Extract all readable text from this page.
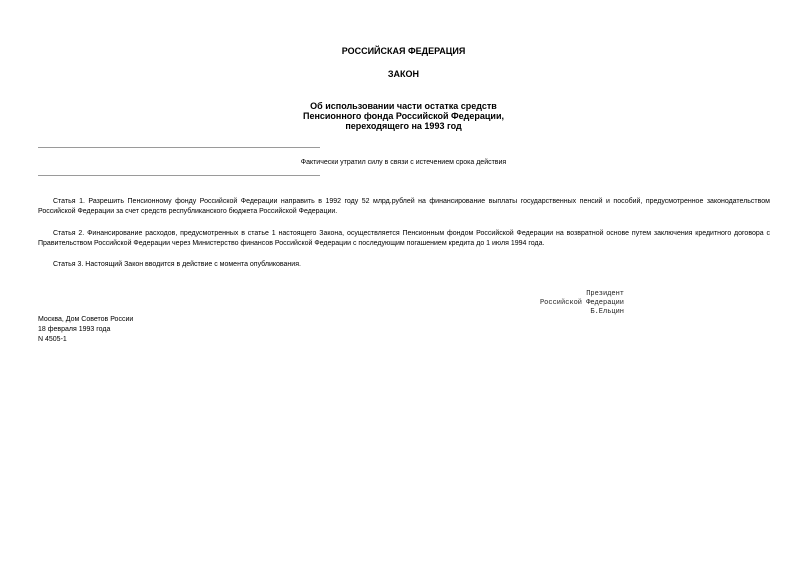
РОССИЙСКАЯ ФЕДЕРАЦИЯ
ЗАКОН
Об использовании части остатка средств
Пенсионного фонда Российской Федерации,
переходящего на 1993 год
Фактически утратил силу в связи с истечением срока действия
Статья 1. Разрешить Пенсионному фонду Российской Федерации направить в 1992 году 52 млрд.рублей на финансирование выплаты государственных пенсий и пособий, предусмотренное законодательством Российской Федерации за счет средств республиканского бюджета Российской Федерации.
Статья 2. Финансирование расходов, предусмотренных в статье 1 настоящего Закона, осуществляется Пенсионным фондом Российской Федерации на возвратной основе путем заключения кредитного договора с Правительством Российской Федерации через Министерство финансов Российской Федерации с последующим погашением кредита до 1 июля 1994 года.
Статья 3. Настоящий Закон вводится в действие с момента опубликования.
Президент
Российской Федерации
Б.Ельцин
Москва, Дом Советов России
18 февраля 1993 года
N 4505-1
